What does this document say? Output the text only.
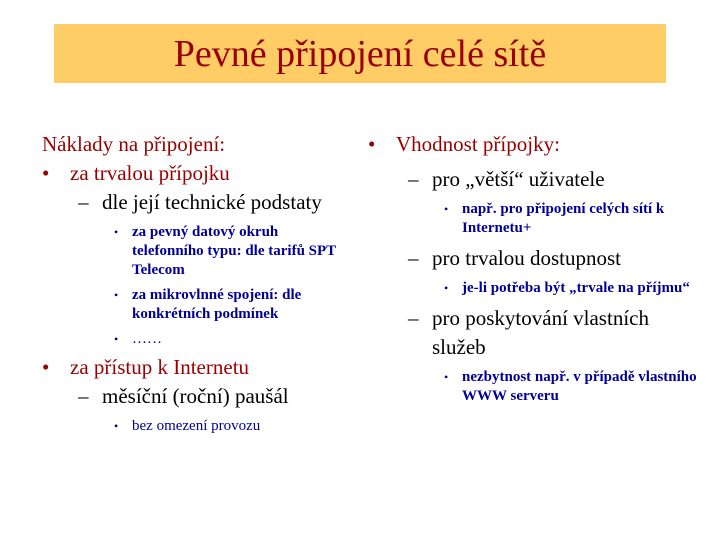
Pevné připojení celé sítě
Náklady na připojení:
• za trvalou přípojku
– dle její technické podstaty
• za pevný datový okruh telefonního typu: dle tarifů SPT Telecom
• za mikrovlnné spojení: dle konkrétních podmínek
• ……
• za přístup k Internetu
– měsíční (roční) paušál
• bez omezení provozu
• Vhodnost přípojky:
– pro „větší“ uživatele
• např. pro připojení celých sítí k Internetu+
– pro trvalou dostupnost
• je-li potřeba být „trvale na příjmu“
– pro poskytování vlastních služeb
• nezbytnost např. v případě vlastního WWW serveru
